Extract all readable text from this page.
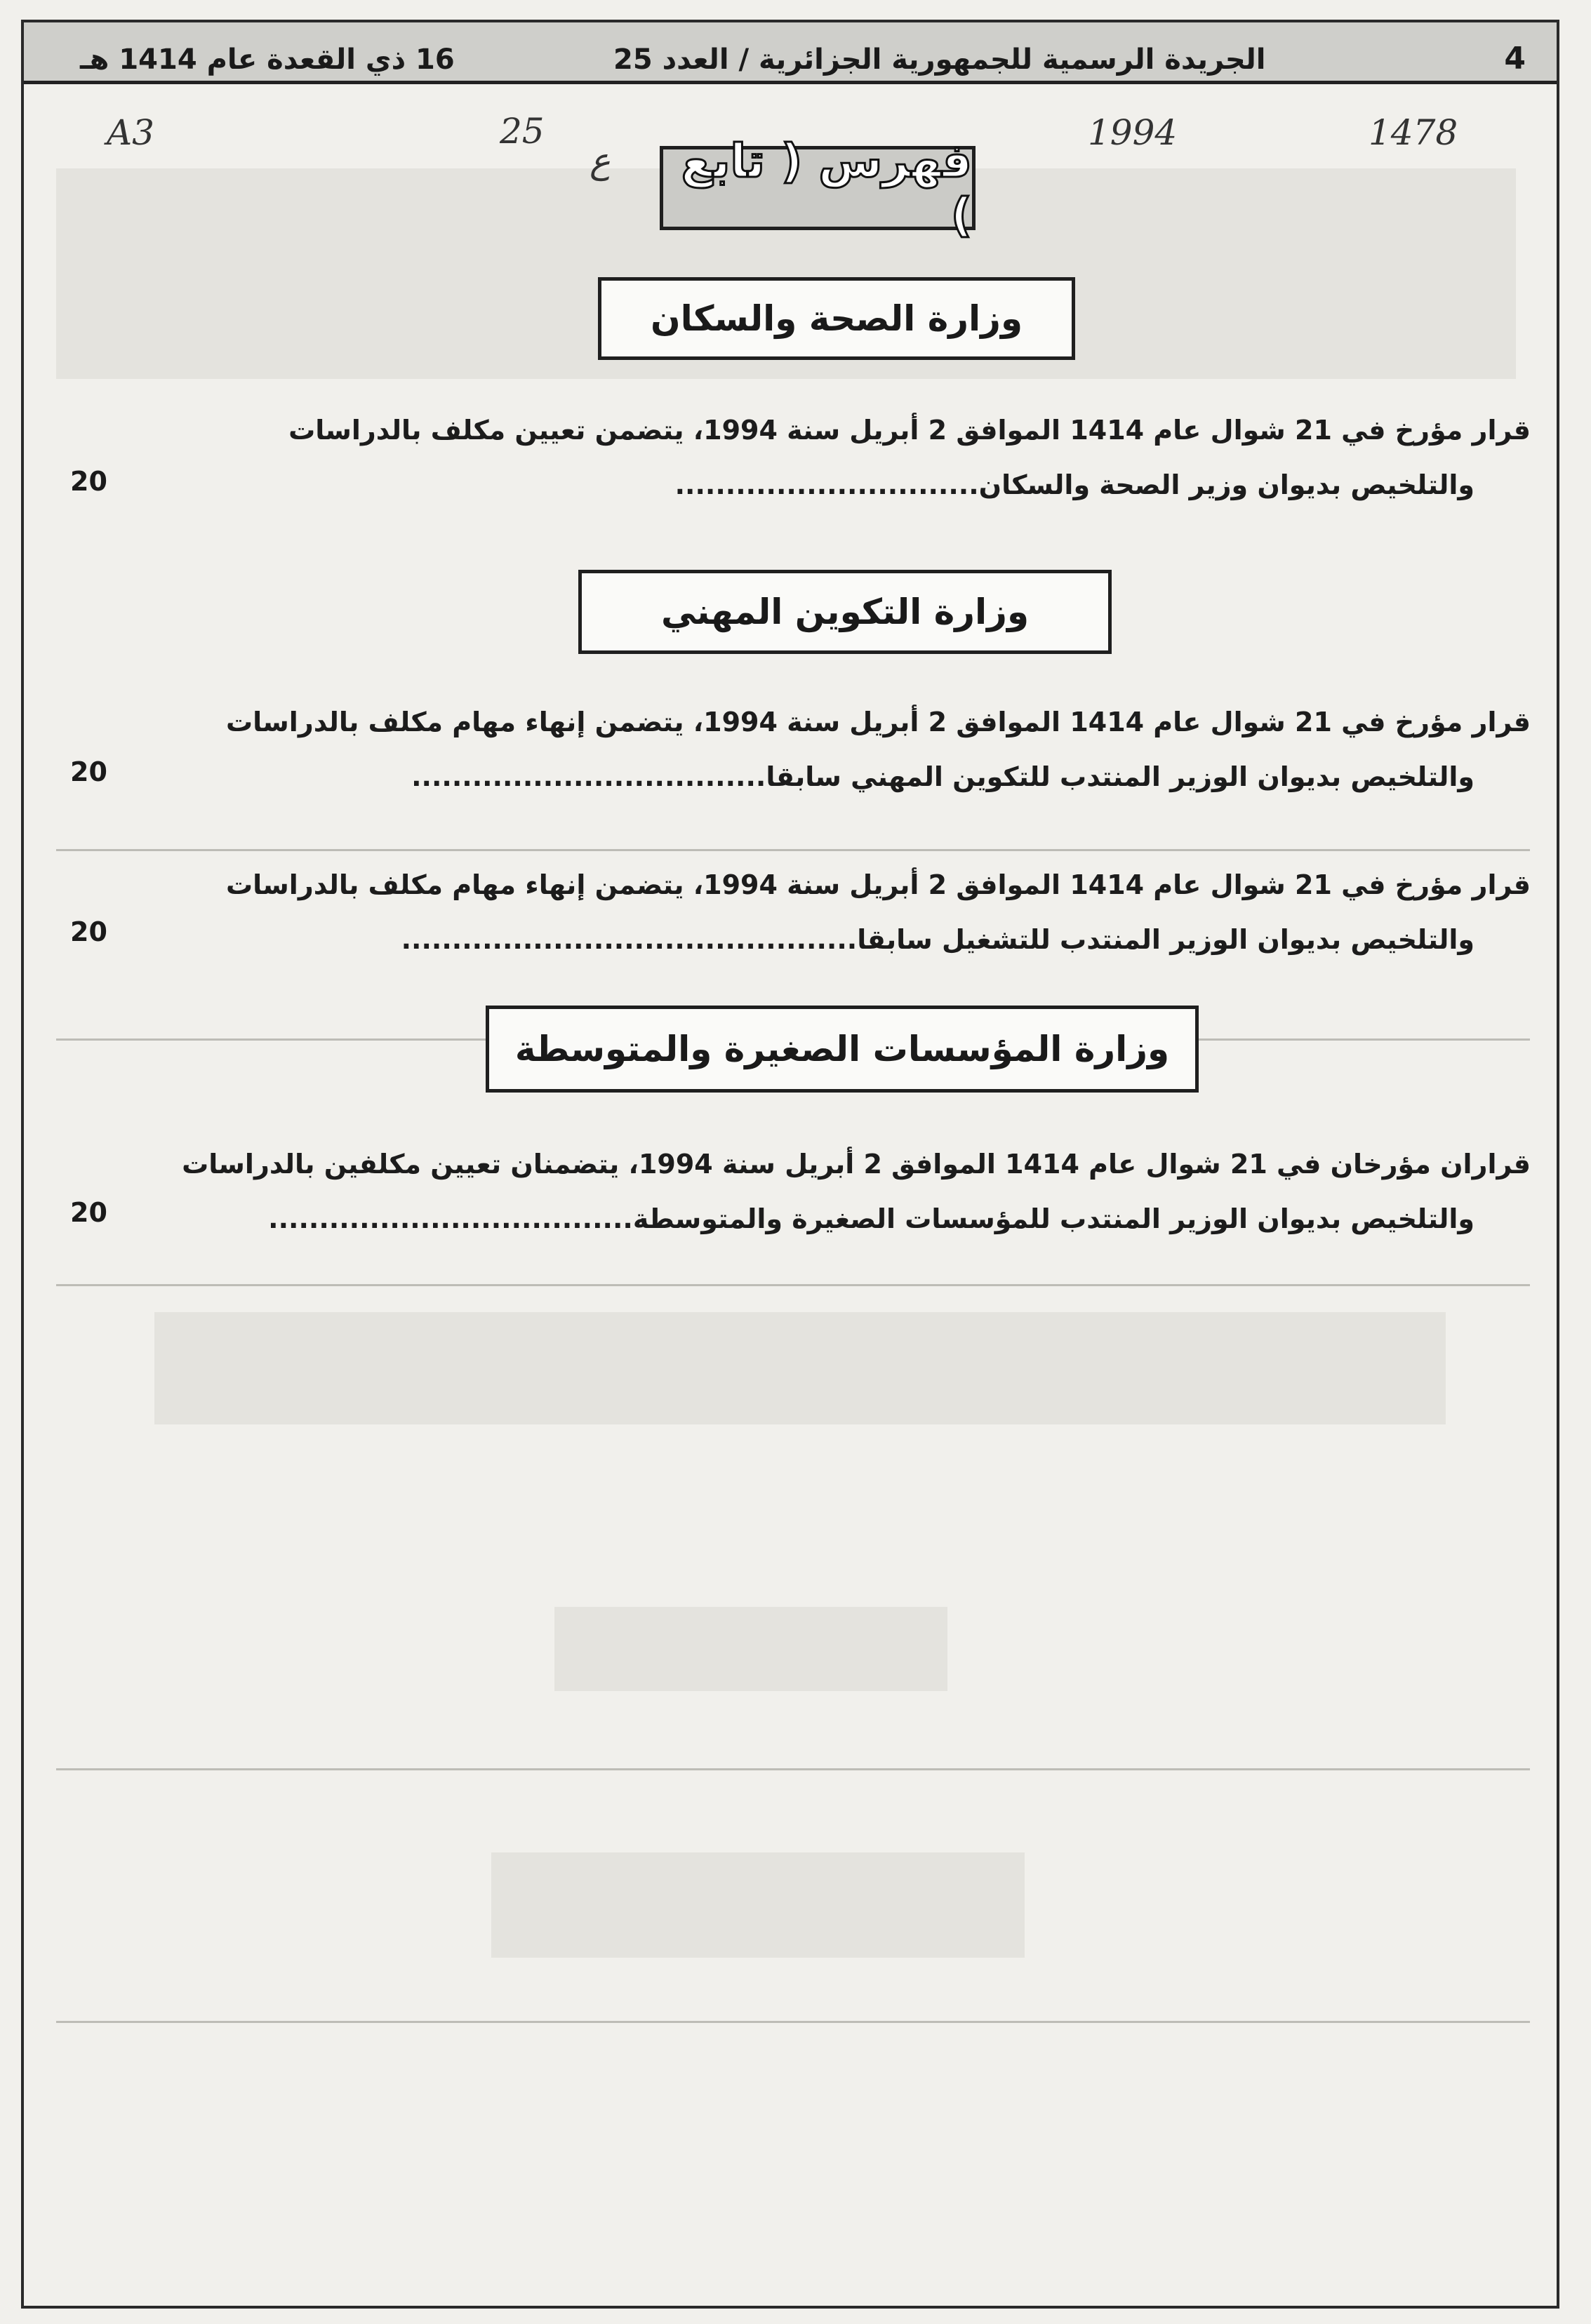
4
الجريدة الرسمية للجمهورية الجزائرية / العدد 25
16 ذي القعدة عام 1414 هـ
A3	25
ع
1994	1478
فهرس ( تابع )
وزارة الصحة والسكان
قرار مؤرخ في 21 شوال عام 1414 الموافق 2 أبريل سنة 1994، يتضمن تعيين مكلف بالدراسات
والتلخيص بديوان وزير الصحة والسكان..............................
20
وزارة التكوين المهني
قرار مؤرخ في 21 شوال عام 1414 الموافق 2 أبريل سنة 1994، يتضمن إنهاء مهام مكلف بالدراسات
والتلخيص بديوان الوزير المنتدب للتكوين المهني سابقا...................................
20
قرار مؤرخ في 21 شوال عام 1414 الموافق 2 أبريل سنة 1994، يتضمن إنهاء مهام مكلف بالدراسات
والتلخيص بديوان الوزير المنتدب للتشغيل سابقا.............................................
20
وزارة المؤسسات الصغيرة والمتوسطة
قراران مؤرخان في 21 شوال عام 1414 الموافق 2 أبريل سنة 1994، يتضمنان تعيين مكلفين بالدراسات
والتلخيص بديوان الوزير المنتدب للمؤسسات الصغيرة والمتوسطة....................................
20
